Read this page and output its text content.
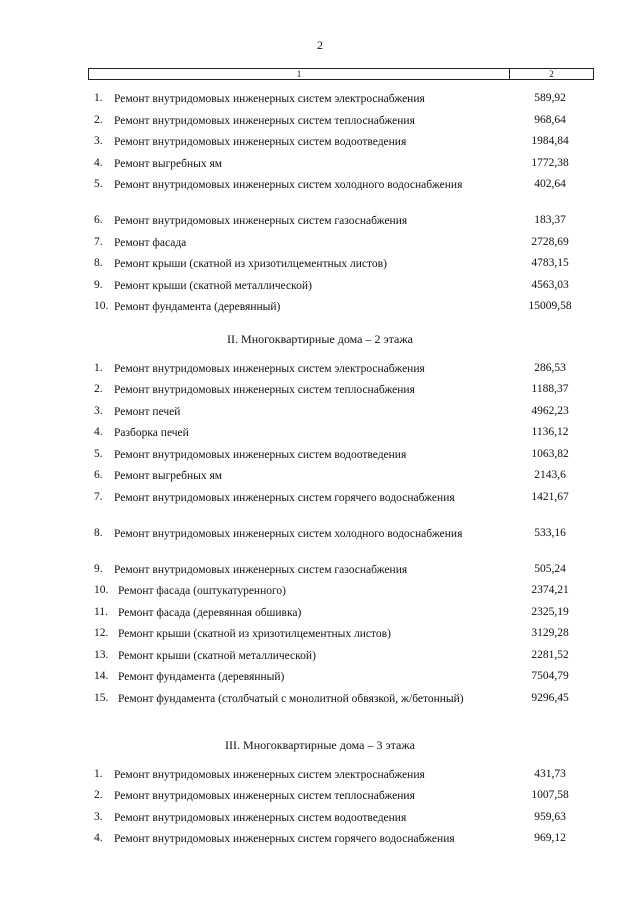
2
1	2
1. Ремонт внутридомовых инженерных систем электроснабжения	589,92
2. Ремонт внутридомовых инженерных систем теплоснабжения	968,64
3. Ремонт внутридомовых инженерных систем водоотведения	1984,84
4. Ремонт выгребных ям	1772,38
5. Ремонт внутридомовых инженерных систем холодного водоснабжения	402,64
6. Ремонт внутридомовых инженерных систем газоснабжения	183,37
7. Ремонт фасада	2728,69
8. Ремонт крыши (скатной из хризотилцементных листов)	4783,15
9. Ремонт крыши (скатной металлической)	4563,03
10. Ремонт фундамента (деревянный)	15009,58
II. Многоквартирные дома – 2 этажа
1. Ремонт внутридомовых инженерных систем электроснабжения	286,53
2. Ремонт внутридомовых инженерных систем теплоснабжения	1188,37
3. Ремонт печей	4962,23
4. Разборка печей	1136,12
5. Ремонт внутридомовых инженерных систем водоотведения	1063,82
6. Ремонт выгребных ям	2143,6
7. Ремонт внутридомовых инженерных систем горячего водоснабжения	1421,67
8. Ремонт внутридомовых инженерных систем холодного водоснабжения	533,16
9. Ремонт внутридомовых инженерных систем газоснабжения	505,24
10. Ремонт фасада (оштукатуренного)	2374,21
11. Ремонт фасада (деревянная обшивка)	2325,19
12. Ремонт крыши (скатной из хризотилцементных листов)	3129,28
13. Ремонт крыши (скатной металлической)	2281,52
14. Ремонт фундамента (деревянный)	7504,79
15. Ремонт фундамента (столбчатый с монолитной обвязкой, ж/бетонный)	9296,45
III. Многоквартирные дома – 3 этажа
1. Ремонт внутридомовых инженерных систем электроснабжения	431,73
2. Ремонт внутридомовых инженерных систем теплоснабжения	1007,58
3. Ремонт внутридомовых инженерных систем водоотведения	959,63
4. Ремонт внутридомовых инженерных систем горячего водоснабжения	969,12
